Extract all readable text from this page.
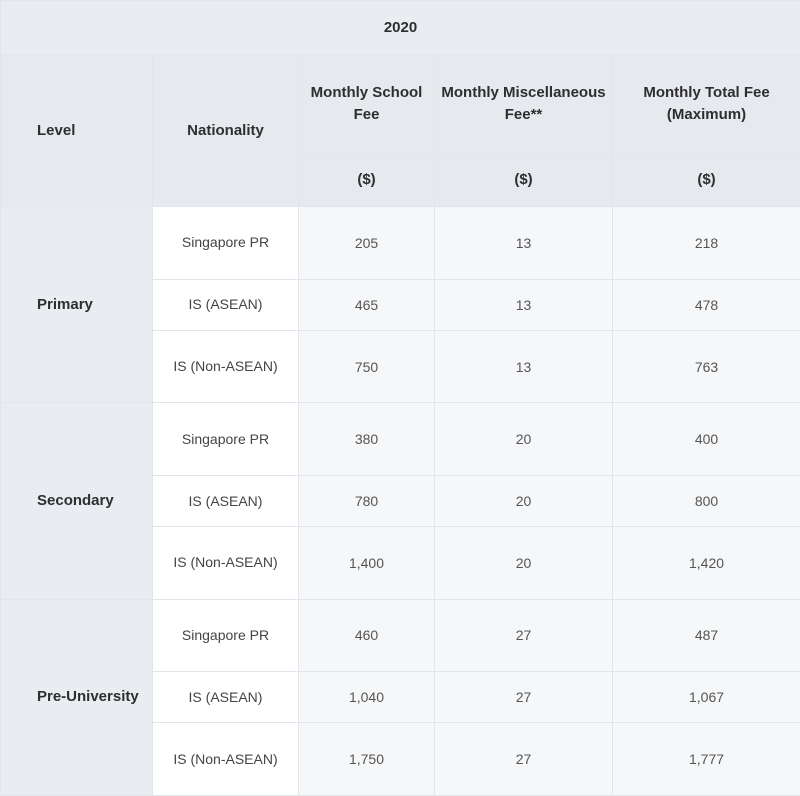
2020				
Level	Nationality	Monthly School Fee	Monthly Miscellaneous Fee**	Monthly Total Fee (Maximum)
		($)	($)	($)
Primary	Singapore PR	205	13	218
	IS (ASEAN)	465	13	478
	IS (Non-ASEAN)	750	13	763
Secondary	Singapore PR	380	20	400
	IS (ASEAN)	780	20	800
	IS (Non-ASEAN)	1,400	20	1,420
Pre-University	Singapore PR	460	27	487
	IS (ASEAN)	1,040	27	1,067
	IS (Non-ASEAN)	1,750	27	1,777
